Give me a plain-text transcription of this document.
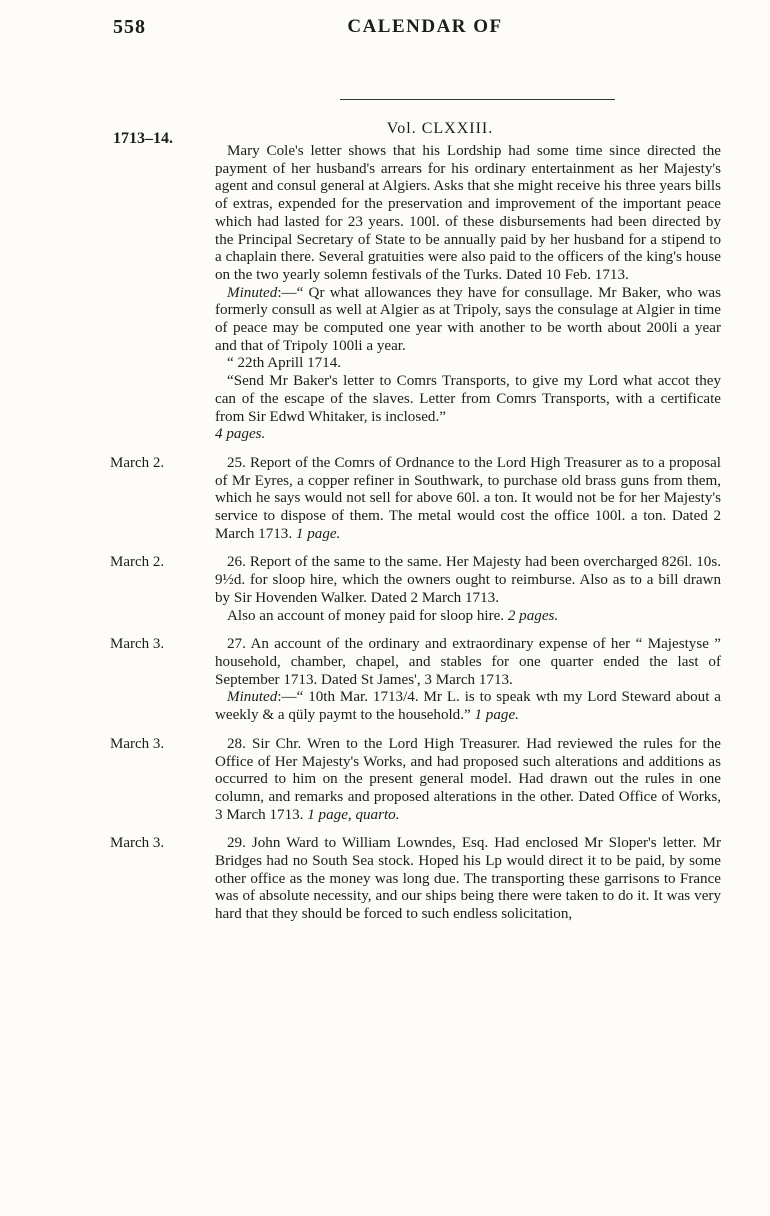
558	CALENDAR OF
1713–14.
Vol. CLXXIII.

Mary Cole's letter shows that his Lordship had some time since directed the payment of her husband's arrears for his ordinary entertainment as her Majesty's agent and consul general at Algiers. Asks that she might receive his three years bills of extras, expended for the preservation and improvement of the important peace which had lasted for 23 years. 100l. of these disbursements had been directed by the Principal Secretary of State to be annually paid by her husband for a stipend to a chaplain there. Several gratuities were also paid to the officers of the king's house on the two yearly solemn festivals of the Turks. Dated 10 Feb. 1713.

Minuted:—“ Qr what allowances they have for consullage. Mr Baker, who was formerly consull as well at Algier as at Tripoly, says the consulage at Algier in time of peace may be computed one year with another to be worth about 200li a year and that of Tripoly 100li a year.

“ 22th Aprill 1714.

“Send Mr Baker's letter to Comrs Transports, to give my Lord what accot they can of the escape of the slaves. Letter from Comrs Transports, with a certificate from Sir Edwd Whitaker, is inclosed.”

4 pages.

March 2.	25. Report of the Comrs of Ordnance to the Lord High Treasurer as to a proposal of Mr Eyres, a copper refiner in Southwark, to purchase old brass guns from them, which he says would not sell for above 60l. a ton. It would not be for her Majesty's service to dispose of them. The metal would cost the office 100l. a ton. Dated 2 March 1713. 1 page.

March 2.	26. Report of the same to the same. Her Majesty had been overcharged 826l. 10s. 9½d. for sloop hire, which the owners ought to reimburse. Also as to a bill drawn by Sir Hovenden Walker. Dated 2 March 1713.

Also an account of money paid for sloop hire. 2 pages.

March 3.	27. An account of the ordinary and extraordinary expense of her “ Majestyse ” household, chamber, chapel, and stables for one quarter ended the last of September 1713. Dated St James', 3 March 1713.

Minuted:—“ 10th Mar. 1713/4. Mr L. is to speak wth my Lord Steward about a weekly & a qüly paymt to the household.” 1 page.

March 3.	28. Sir Chr. Wren to the Lord High Treasurer. Had reviewed the rules for the Office of Her Majesty's Works, and had proposed such alterations and additions as occurred to him on the present general model. Had drawn out the rules in one column, and remarks and proposed alterations in the other. Dated Office of Works, 3 March 1713. 1 page, quarto.

March 3.	29. John Ward to William Lowndes, Esq. Had enclosed Mr Sloper's letter. Mr Bridges had no South Sea stock. Hoped his Lp would direct it to be paid, by some other office as the money was long due. The transporting these garrisons to France was of absolute necessity, and our ships being there were taken to do it. It was very hard that they should be forced to such endless solicitation,
